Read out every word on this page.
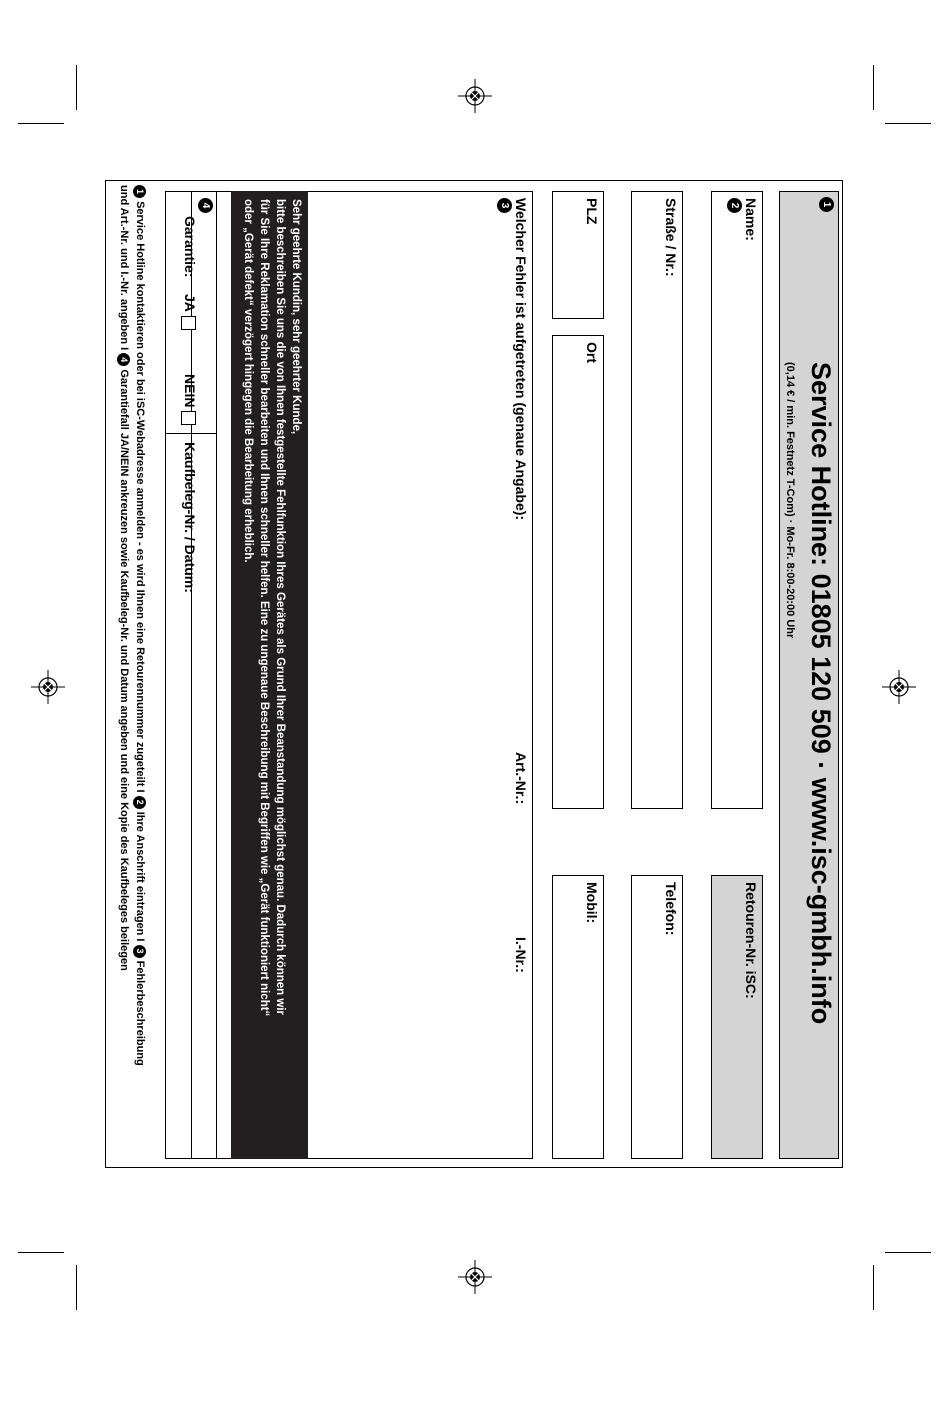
1
Service Hotline: 01805 120 509 · www.isc-gmbh.info
(0,14 € / min. Festnetz T-Com) · Mo-Fr. 8:00-20:00 Uhr
Name:
2
Retouren-Nr. iSC:
Straße / Nr.:
Telefon:
PLZ
Ort
Mobil:
Welcher Fehler ist aufgetreten (genaue Angabe):
3
Art.-Nr.:
I.-Nr.:

Sehr geehrte Kundin, sehr geehrter Kunde,

bitte beschreiben Sie uns die von Ihnen festgestellte Fehlfunktion Ihres Gerätes als Grund Ihrer Beanstandung möglichst genau. Dadurch können wir

für Sie Ihre Reklamation schneller bearbeiten und Ihnen schneller helfen. Eine zu ungenaue Beschreibung mit Begriffen wie „Gerät funktioniert nicht“

oder „Gerät defekt“ verzögert hingegen die Bearbeitung erheblich.

4
Garantie:
JA
NEIN
Kaufbeleg-Nr. / Datum:

1 Service Hotline kontaktieren oder bei iSC-Webadresse anmelden - es wird Ihnen eine Retourennummer zugeteilt I 2 Ihre Anschrift eintragen I 3 Fehlerbeschreibung

und Art.-Nr. und I.-Nr. angeben I 4 Garantiefall JA/NEIN ankreuzen sowie Kaufbeleg-Nr. und Datum angeben und eine Kopie des Kaufbeleges beilegen
